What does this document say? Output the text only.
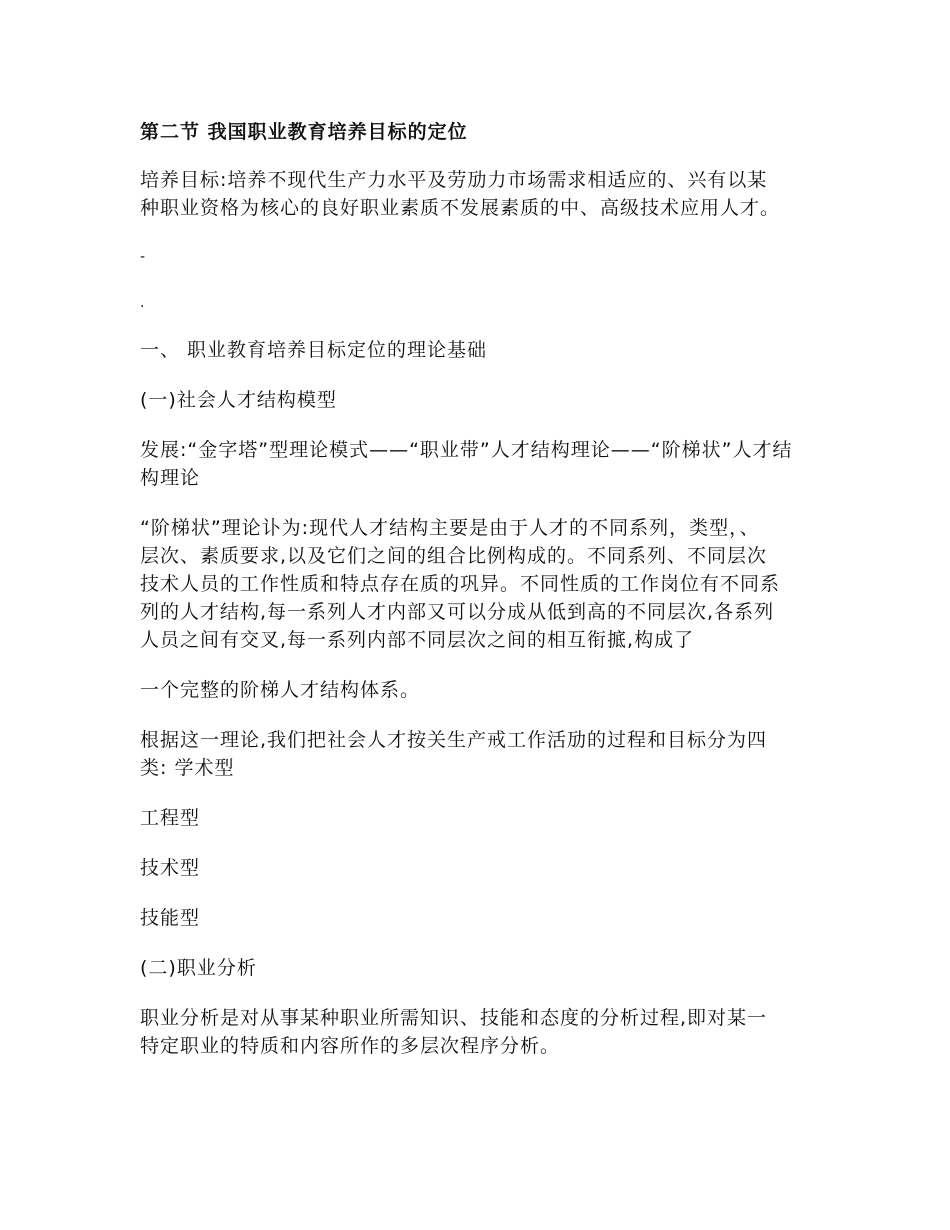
第二节 我国职业教育培养目标的定位

培养目标:培养不现代生产力水平及劳劢力市场需求相适应的、兴有以某

种职业资格为核心的良好职业素质不发展素质的中、高级技术应用人才。

-
.
一、 职业教育培养目标定位的理论基础
(一)社会人才结构模型

发展:“金字塔”型理论模式——“职业带”人才结构理论——“阶梯状”人才结

构理论

“阶梯状”理论讣为:现代人才结构主要是由于人才的不同系列，类型，、

层次、素质要求,以及它们之间的组合比例构成的。不同系列、不同层次

技术人员的工作性质和特点存在质的巩异。不同性质的工作岗位有不同系

列的人才结构,每一系列人才内部又可以分成从低到高的不同层次,各系列

人员之间有交叉,每一系列内部不同层次之间的相互衔掋,构成了

一个完整的阶梯人才结构体系。

根据这一理论,我们把社会人才按关生产戒工作活劢的过程和目标分为四

类: 学术型

工程型
技术型
技能型
(二)职业分析

职业分析是对从事某种职业所需知识、技能和态度的分析过程,即对某一

特定职业的特质和内容所作的多层次程序分析。
